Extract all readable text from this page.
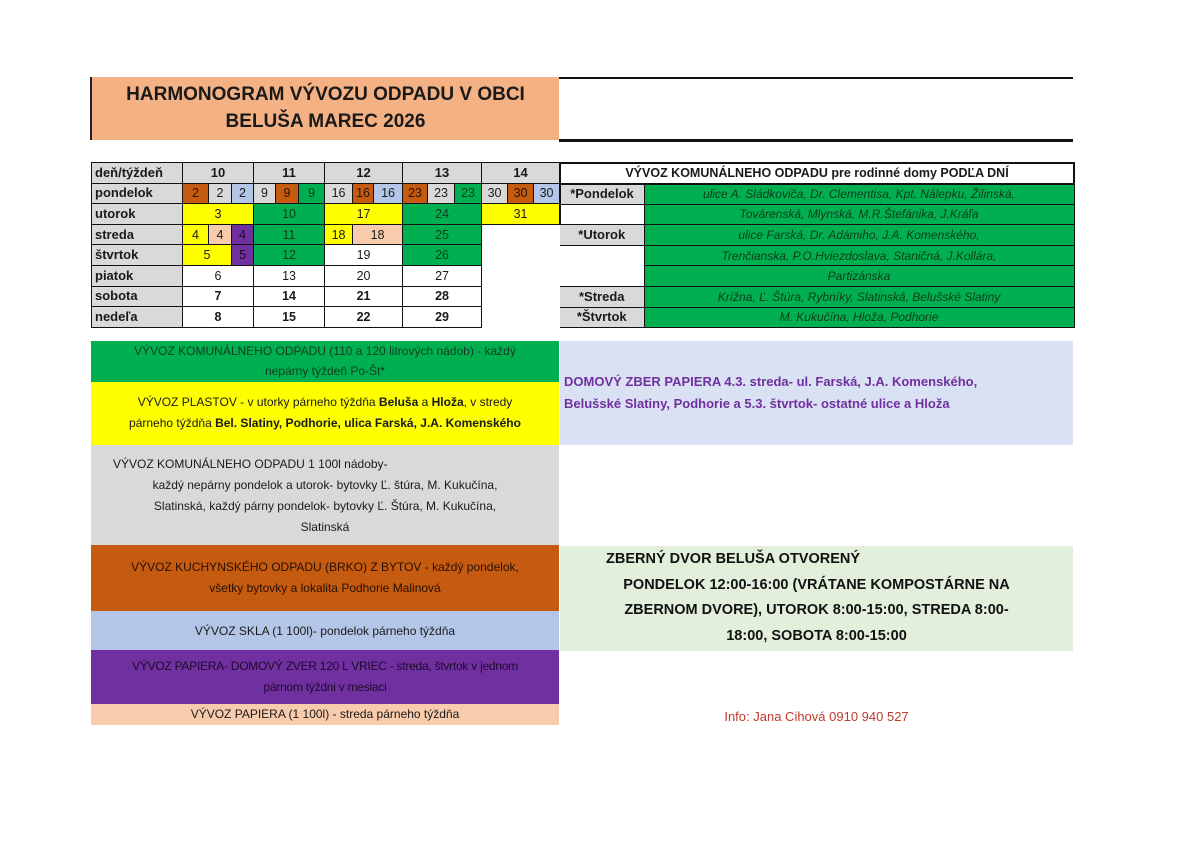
HARMONOGRAM VÝVOZU ODPADU V OBCI
BELUŠA MAREC 2026
deň/týždeň	10			11			12			13			14		
pondelok	2	2	2	9	9	9	16	16	16	23	23	23	30	30	30
utorok	3			10			17			24			31		
streda	4	4	4	11			18	18		25					
štvrtok	5		5	12			19			26					
piatok	6			13			20			27					
sobota	7			14			21			28					
nedeľa	8			15			22			29					
VÝVOZ KOMUNÁLNEHO ODPADU pre rodinné domy PODĽA DNÍ	
*Pondelok	ulice A. Sládkoviča, Dr. Clementisa, Kpt. Nálepku, Žilinská,
	Továrenská, Mlynská, M.R.Štefánika, J.Kráľa
*Utorok	ulice Farská, Dr. Adámiho, J.A. Komenského,
	Trenčianska, P.O.Hviezdoslava, Staničná, J.Kollára,
	Partizánska
*Streda	Krížna, Ľ. Štúra, Rybníky, Slatinská, Belušské Slatiny
*Štvrtok	M. Kukučína, Hloža, Podhorie
VÝVOZ KOMUNÁLNEHO ODPADU (110 a 120 litrových nádob) - každý
nepárny týždeň Po-Št*
VÝVOZ PLASTOV - v utorky párneho týždňa Beluša a Hloža, v stredy
párneho týždňa Bel. Slatiny, Podhorie, ulica Farská, J.A. Komenského
VÝVOZ KOMUNÁLNEHO ODPADU 1 100l nádoby-
každý nepárny pondelok a utorok- bytovky Ľ. štúra, M. Kukučína,
Slatinská, každý párny pondelok- bytovky Ľ. Štúra, M. Kukučína,
Slatinská
VÝVOZ KUCHYNSKÉHO ODPADU (BRKO) Z BYTOV - každý pondelok,
všetky bytovky a lokalita Podhorie Malinová
VÝVOZ SKLA (1 100l)- pondelok párneho týždňa
VÝVOZ PAPIERA- DOMOVÝ ZVER 120 L VRIEC - streda, štvrtok v jednom
párnom týždni v mesiaci
VÝVOZ PAPIERA (1 100l) - streda párneho týždňa
DOMOVÝ ZBER PAPIERA 4.3. streda- ul. Farská, J.A. Komenského,
Belušské Slatiny, Podhorie a 5.3. štvrtok- ostatné ulice a Hloža
ZBERNÝ DVOR BELUŠA OTVORENÝ
PONDELOK 12:00-16:00 (VRÁTANE KOMPOSTÁRNE NA
ZBERNOM DVORE), UTOROK 8:00-15:00, STREDA 8:00-
18:00, SOBOTA 8:00-15:00
Info: Jana Cihová 0910 940 527
